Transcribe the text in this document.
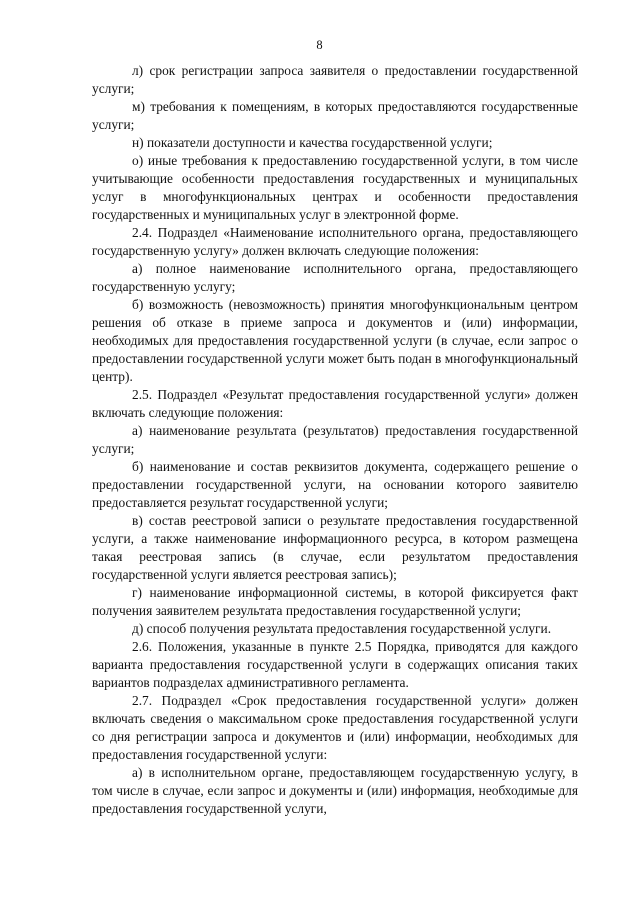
8

л) срок регистрации запроса заявителя о предоставлении государственной услуги;

м) требования к помещениям, в которых предоставляются государственные услуги;

н) показатели доступности и качества государственной услуги;

о) иные требования к предоставлению государственной услуги, в том числе учитывающие особенности предоставления государственных и муниципальных услуг в многофункциональных центрах и особенности предоставления государственных и муниципальных услуг в электронной форме.

2.4. Подраздел «Наименование исполнительного органа, предоставляющего государственную услугу» должен включать следующие положения:

а) полное наименование исполнительного органа, предоставляющего государственную услугу;

б) возможность (невозможность) принятия многофункциональным центром решения об отказе в приеме запроса и документов и (или) информации, необходимых для предоставления государственной услуги (в случае, если запрос о предоставлении государственной услуги может быть подан в многофункциональный центр).

2.5. Подраздел «Результат предоставления государственной услуги» должен включать следующие положения:

а) наименование результата (результатов) предоставления государственной услуги;

б) наименование и состав реквизитов документа, содержащего решение о предоставлении государственной услуги, на основании которого заявителю предоставляется результат государственной услуги;

в) состав реестровой записи о результате предоставления государственной услуги, а также наименование информационного ресурса, в котором размещена такая реестровая запись (в случае, если результатом предоставления государственной услуги является реестровая запись);

г) наименование информационной системы, в которой фиксируется факт получения заявителем результата предоставления государственной услуги;

д) способ получения результата предоставления государственной услуги.

2.6. Положения, указанные в пункте 2.5 Порядка, приводятся для каждого варианта предоставления государственной услуги в содержащих описания таких вариантов подразделах административного регламента.

2.7. Подраздел «Срок предоставления государственной услуги» должен включать сведения о максимальном сроке предоставления государственной услуги со дня регистрации запроса и документов и (или) информации, необходимых для предоставления государственной услуги:

а) в исполнительном органе, предоставляющем государственную услугу, в том числе в случае, если запрос и документы и (или) информация, необходимые для предоставления государственной услуги,
